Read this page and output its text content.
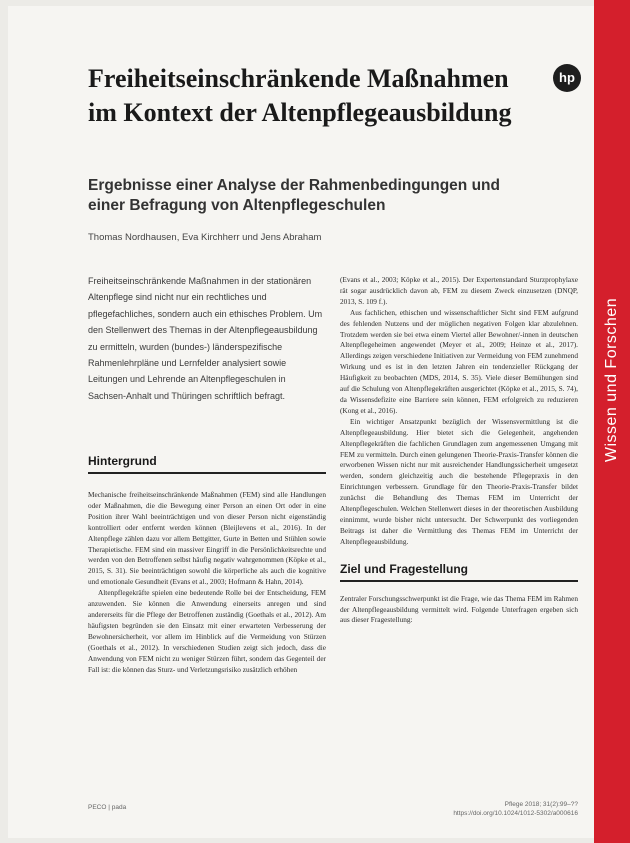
Wissen und Forschen
hp
Freiheitseinschränkende Maßnahmen im Kontext der Altenpflegeausbildung
Ergebnisse einer Analyse der Rahmenbedingungen und einer Befragung von Altenpflegeschulen
Thomas Nordhausen, Eva Kirchherr und Jens Abraham

Freiheitseinschränkende Maßnahmen in der stationären Altenpflege sind nicht nur ein rechtliches und pflegefachliches, sondern auch ein ethisches Problem. Um den Stellenwert des Themas in der Altenpflegeausbildung zu ermitteln, wurden (bundes-) länderspezifische Rahmenlehrpläne und Lernfelder analysiert sowie Leitungen und Lehrende an Altenpflegeschulen in Sachsen-Anhalt und Thüringen schriftlich befragt.

Hintergrund

Mechanische freiheitseinschränkende Maßnahmen (FEM) sind alle Handlungen oder Maßnahmen, die die Bewegung einer Person an einen Ort oder in eine Position ihrer Wahl beeinträchtigen und von dieser Person nicht eigenständig kontrolliert oder entfernt werden können (Bleijlevens et al., 2016). In der Altenpflege zählen dazu vor allem Bettgitter, Gurte in Betten und Stühlen sowie Therapietische. FEM sind ein massiver Eingriff in die Persönlichkeitsrechte und werden von den Betroffenen selbst häufig negativ wahrgenommen (Köpke et al., 2015, S. 31). Sie beeinträchtigen sowohl die körperliche als auch die kognitive und emotionale Gesundheit (Evans et al., 2003; Hofmann & Hahn, 2014).

Altenpflegekräfte spielen eine bedeutende Rolle bei der Entscheidung, FEM anzuwenden. Sie können die Anwendung einerseits anregen und sind andererseits für die Pflege der Betroffenen zuständig (Goethals et al., 2012). Am häufigsten begründen sie den Einsatz mit einer erwarteten Verbesserung der Bewohnersicherheit, vor allem im Hinblick auf die Vermeidung von Stürzen (Goethals et al., 2012). In verschiedenen Studien zeigt sich jedoch, dass die Anwendung von FEM nicht zu weniger Stürzen führt, sondern das Gegenteil der Fall ist: die können das Sturz- und Verletzungsrisiko zusätzlich erhöhen

(Evans et al., 2003; Köpke et al., 2015). Der Expertenstandard Sturzprophylaxe rät sogar ausdrücklich davon ab, FEM zu diesem Zweck einzusetzen (DNQP, 2013, S. 109 f.).

Aus fachlichen, ethischen und wissenschaftlicher Sicht sind FEM aufgrund des fehlenden Nutzens und der möglichen negativen Folgen klar abzulehnen. Trotzdem werden sie bei etwa einem Viertel aller Bewohner/-innen in deutschen Altenpflegeheimen angewendet (Meyer et al., 2009; Heinze et al., 2017). Allerdings zeigen verschiedene Initiativen zur Vermeidung von FEM zunehmend Wirkung und es ist in den letzten Jahren ein tendenzieller Rückgang der Häufigkeit zu beobachten (MDS, 2014, S. 35). Viele dieser Bemühungen sind auf die Schulung von Altenpflegekräften ausgerichtet (Köpke et al., 2015, S. 74), da Wissensdefizite eine Barriere sein können, FEM erfolgreich zu reduzieren (Kong et al., 2016).

Ein wichtiger Ansatzpunkt bezüglich der Wissensvermittlung ist die Altenpflegeausbildung. Hier bietet sich die Gelegenheit, angehenden Altenpflegekräften die fachlichen Grundlagen zum angemessenen Umgang mit FEM zu vermitteln. Durch einen gelungenen Theorie-Praxis-Transfer können die erworbenen Wissen nicht nur mit ausreichender Handlungssicherheit umgesetzt werden, sondern gleichzeitig auch die bestehende Pflegepraxis in den Einrichtungen verbessern. Grundlage für den Theorie-Praxis-Transfer bildet zunächst die Behandlung des Themas FEM im Unterricht der Altenpflegeschulen. Welchen Stellenwert dieses in der theoretischen Ausbildung einnimmt, wurde bisher nicht untersucht. Der Schwerpunkt des vorliegenden Beitrags ist daher die Vermittlung des Themas FEM im Unterricht der Altenpflegeausbildung.

Ziel und Fragestellung

Zentraler Forschungsschwerpunkt ist die Frage, wie das Thema FEM im Rahmen der Altenpflegeausbildung vermittelt wird. Folgende Unterfragen ergeben sich aus dieser Fragestellung:

PECO | pada	Pflege 2018; 31(2):99–??
https://doi.org/10.1024/1012-5302/a000616
